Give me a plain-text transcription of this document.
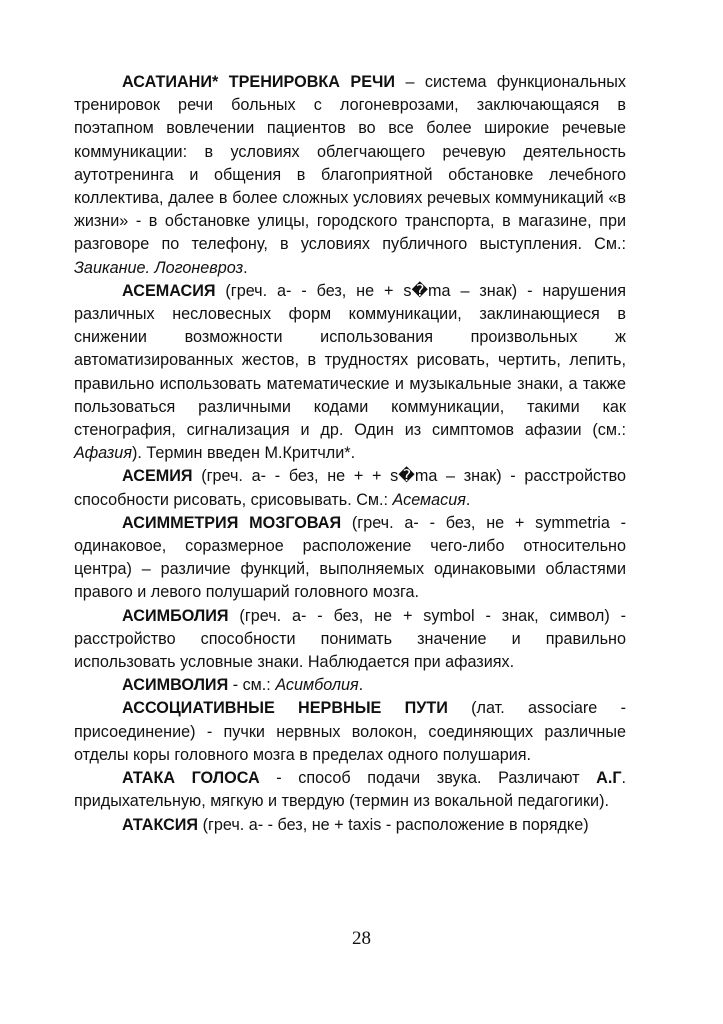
АСАТИАНИ* ТРЕНИРОВКА РЕЧИ – система функциональных тренировок речи больных с логоневрозами, заключающаяся в поэтапном вовлечении пациентов во все более широкие речевые коммуникации: в условиях облегчающего речевую деятельность аутотренинга и общения в благоприятной обстановке лечебного коллектива, далее в более сложных условиях речевых коммуникаций «в жизни» - в обстановке улицы, городского транспорта, в магазине, при разговоре по телефону, в условиях публичного выступления. См.: Заикание. Логоневроз.

АСЕМАСИЯ (греч. а- - без, не + s�ma – знак) - нарушения различных несловесных форм коммуникации, заклинающиеся в снижении возможности использования произвольных ж автоматизированных жестов, в трудностях рисовать, чертить, лепить, правильно использовать математические и музыкальные знаки, а также пользоваться различными кодами коммуникации, такими как стенография, сигнализация и др. Один из симптомов афазии (см.: Афазия). Термин введен М.Критчли*.

АСЕМИЯ (греч. а- - без, не + + s�ma – знак) - расстройство способности рисовать, срисовывать. См.: Асемасия.

АСИММЕТРИЯ МОЗГОВАЯ (греч. а- - без, не + symmetria - одинаковое, соразмерное расположение чего-либо относительно центра) – различие функций, выполняемых одинаковыми областями правого и левого полушарий головного мозга.

АСИМБОЛИЯ (греч. а- - без, не + symbol - знак, символ) - расстройство способности понимать значение и правильно использовать условные знаки. Наблюдается при афазиях.

АСИМВОЛИЯ - см.: Асимболия.

АССОЦИАТИВНЫЕ НЕРВНЫЕ ПУТИ (лат. associare - присоединение) - пучки нервных волокон, соединяющих различные отделы коры головного мозга в пределах одного полушария.

АТАКА ГОЛОСА - способ подачи звука. Различают А.Г. придыхательную, мягкую и твердую (термин из вокальной педагогики).

АТАКСИЯ (греч. а- - без, не + taxis - расположение в порядке)

28
